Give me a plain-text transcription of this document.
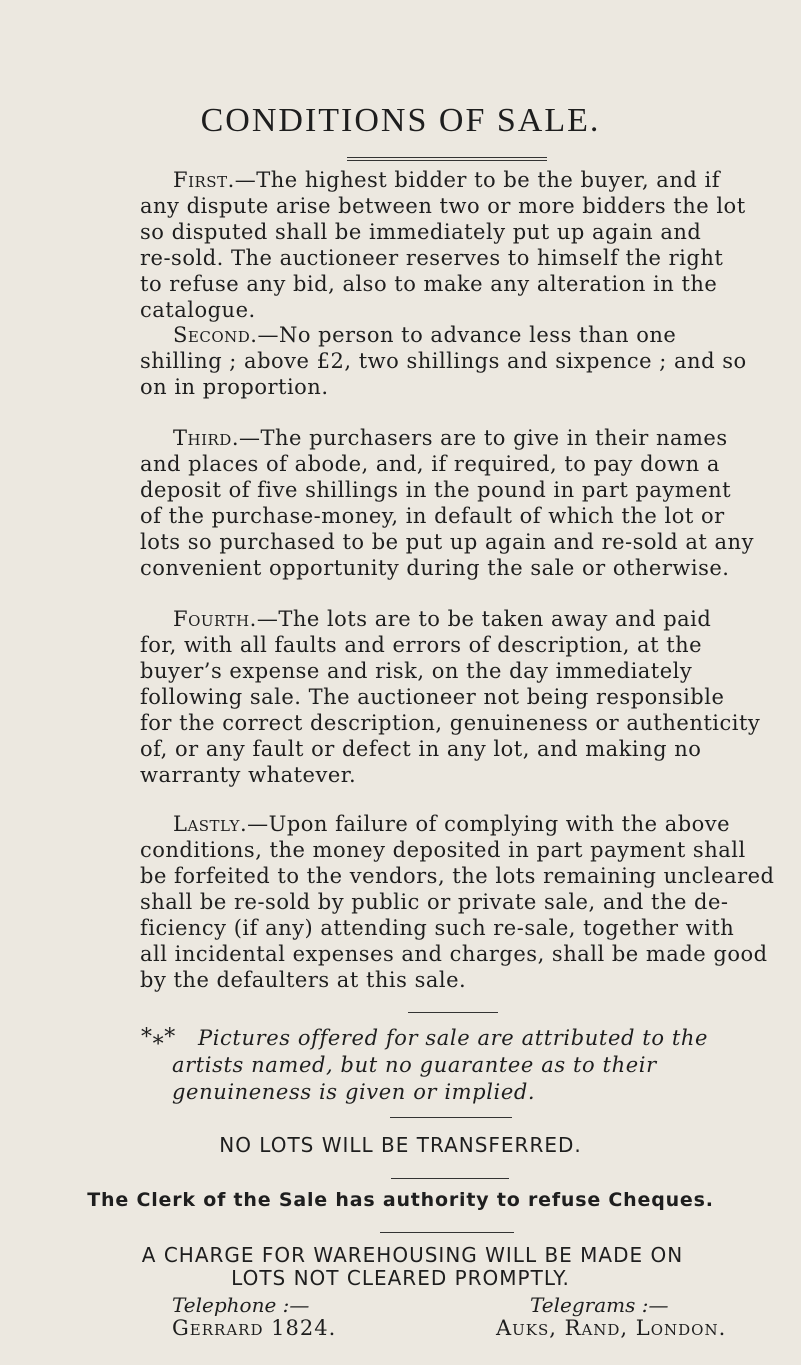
CONDITIONS OF SALE.
First.—The highest bidder to be the buyer, and if
any dispute arise between two or more bidders the lot
so disputed shall be immediately put up again and
re-sold. The auctioneer reserves to himself the right
to refuse any bid, also to make any alteration in the
catalogue.
Second.—No person to advance less than one
shilling ; above £2, two shillings and sixpence ; and so
on in proportion.
Third.—The purchasers are to give in their names
and places of abode, and, if required, to pay down a
deposit of five shillings in the pound in part payment
of the purchase-money, in default of which the lot or
lots so purchased to be put up again and re-sold at any
convenient opportunity during the sale or otherwise.
Fourth.—The lots are to be taken away and paid
for, with all faults and errors of description, at the
buyer’s expense and risk, on the day immediately
following sale. The auctioneer not being responsible
for the correct description, genuineness or authenticity
of, or any fault or defect in any lot, and making no
warranty whatever.
Lastly.—Upon failure of complying with the above
conditions, the money deposited in part payment shall
be forfeited to the vendors, the lots remaining uncleared
shall be re-sold by public or private sale, and the de-
ficiency (if any) attending such re-sale, together with
all incidental expenses and charges, shall be made good
by the defaulters at this sale.
*⁎* Pictures offered for sale are attributed to the
artists named, but no guarantee as to their
genuineness is given or implied.
NO LOTS WILL BE TRANSFERRED.
The Clerk of the Sale has authority to refuse Cheques.
A CHARGE FOR WAREHOUSING WILL BE MADE ON
LOTS NOT CLEARED PROMPTLY.
Telephone :—
Gerrard 1824.
Telegrams :—
Auks, Rand, London.
